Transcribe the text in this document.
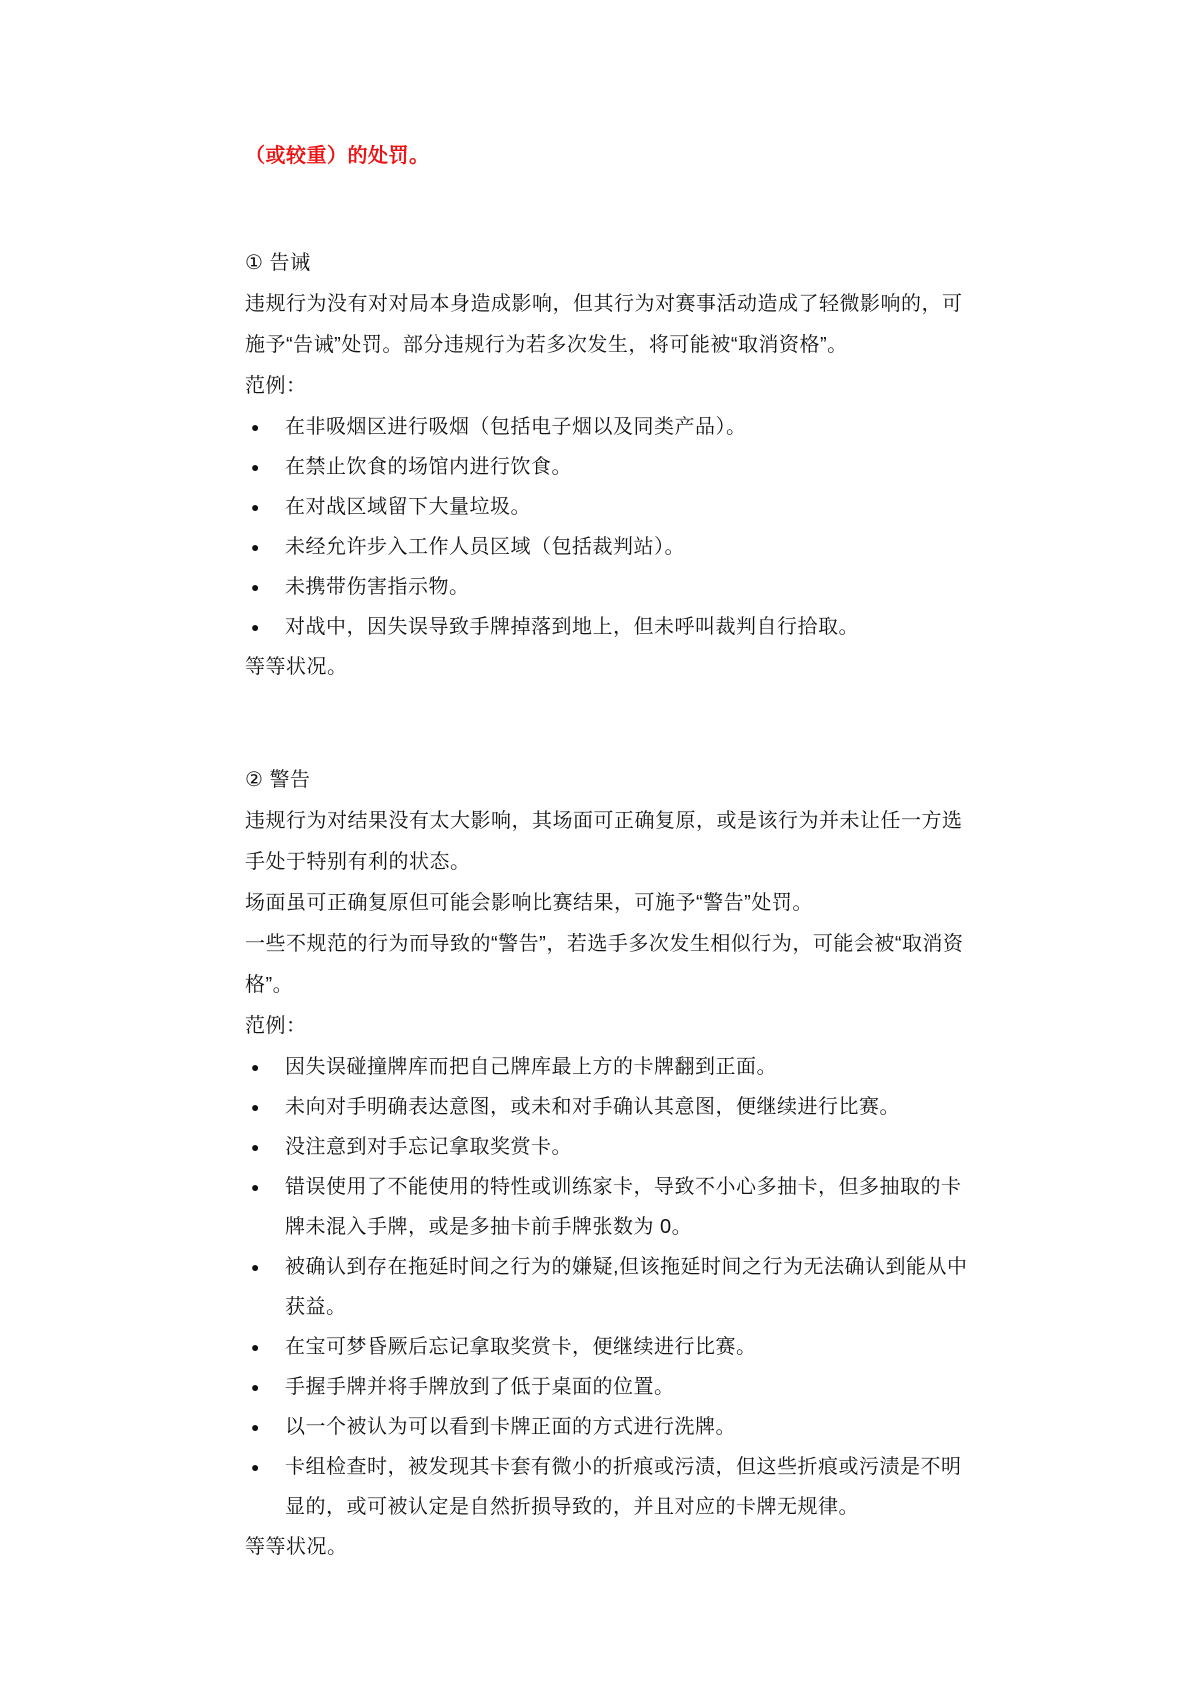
（或较重）的处罚。
① 告诫
违规行为没有对对局本身造成影响，但其行为对赛事活动造成了轻微影响的，可施予“告诫”处罚。部分违规行为若多次发生，将可能被“取消资格”。
范例：
●	在非吸烟区进行吸烟（包括电子烟以及同类产品）。
●	在禁止饮食的场馆内进行饮食。
●	在对战区域留下大量垃圾。
●	未经允许步入工作人员区域（包括裁判站）。
●	未携带伤害指示物。
●	对战中，因失误导致手牌掉落到地上，但未呼叫裁判自行拾取。
等等状况。
② 警告
违规行为对结果没有太大影响，其场面可正确复原，或是该行为并未让任一方选手处于特别有利的状态。
场面虽可正确复原但可能会影响比赛结果，可施予“警告”处罚。
一些不规范的行为而导致的“警告”，若选手多次发生相似行为，可能会被“取消资格”。
范例：
●	因失误碰撞牌库而把自己牌库最上方的卡牌翻到正面。
●	未向对手明确表达意图，或未和对手确认其意图，便继续进行比赛。
●	没注意到对手忘记拿取奖赏卡。
●	错误使用了不能使用的特性或训练家卡，导致不小心多抽卡，但多抽取的卡牌未混入手牌，或是多抽卡前手牌张数为 0。
●	被确认到存在拖延时间之行为的嫌疑,但该拖延时间之行为无法确认到能从中获益。
●	在宝可梦昏厥后忘记拿取奖赏卡，便继续进行比赛。
●	手握手牌并将手牌放到了低于桌面的位置。
●	以一个被认为可以看到卡牌正面的方式进行洗牌。
●	卡组检查时，被发现其卡套有微小的折痕或污渍，但这些折痕或污渍是不明显的，或可被认定是自然折损导致的，并且对应的卡牌无规律。
等等状况。
